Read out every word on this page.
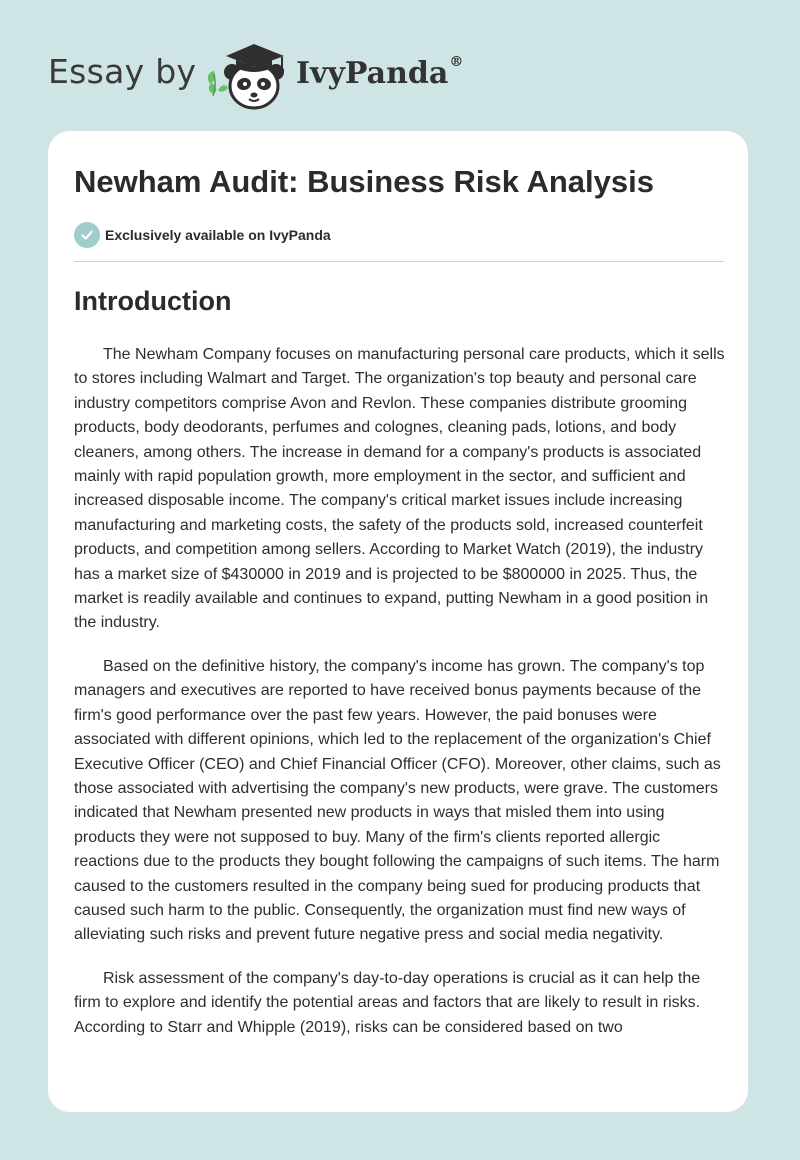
Essay by	IvyPanda®
Newham Audit: Business Risk Analysis
Exclusively available on IvyPanda
Introduction

The Newham Company focuses on manufacturing personal care products, which it sells to stores including Walmart and Target. The organization's top beauty and personal care industry competitors comprise Avon and Revlon. These companies distribute grooming products, body deodorants, perfumes and colognes, cleaning pads, lotions, and body cleaners, among others. The increase in demand for a company's products is associated mainly with rapid population growth, more employment in the sector, and sufficient and increased disposable income. The company's critical market issues include increasing manufacturing and marketing costs, the safety of the products sold, increased counterfeit products, and competition among sellers. According to Market Watch (2019), the industry has a market size of $430000 in 2019 and is projected to be $800000 in 2025. Thus, the market is readily available and continues to expand, putting Newham in a good position in the industry.

Based on the definitive history, the company's income has grown. The company's top managers and executives are reported to have received bonus payments because of the firm's good performance over the past few years. However, the paid bonuses were associated with different opinions, which led to the replacement of the organization's Chief Executive Officer (CEO) and Chief Financial Officer (CFO). Moreover, other claims, such as those associated with advertising the company's new products, were grave. The customers indicated that Newham presented new products in ways that misled them into using products they were not supposed to buy. Many of the firm's clients reported allergic reactions due to the products they bought following the campaigns of such items. The harm caused to the customers resulted in the company being sued for producing products that caused such harm to the public. Consequently, the organization must find new ways of alleviating such risks and prevent future negative press and social media negativity.

Risk assessment of the company's day-to-day operations is crucial as it can help the firm to explore and identify the potential areas and factors that are likely to result in risks. According to Starr and Whipple (2019), risks can be considered based on two
